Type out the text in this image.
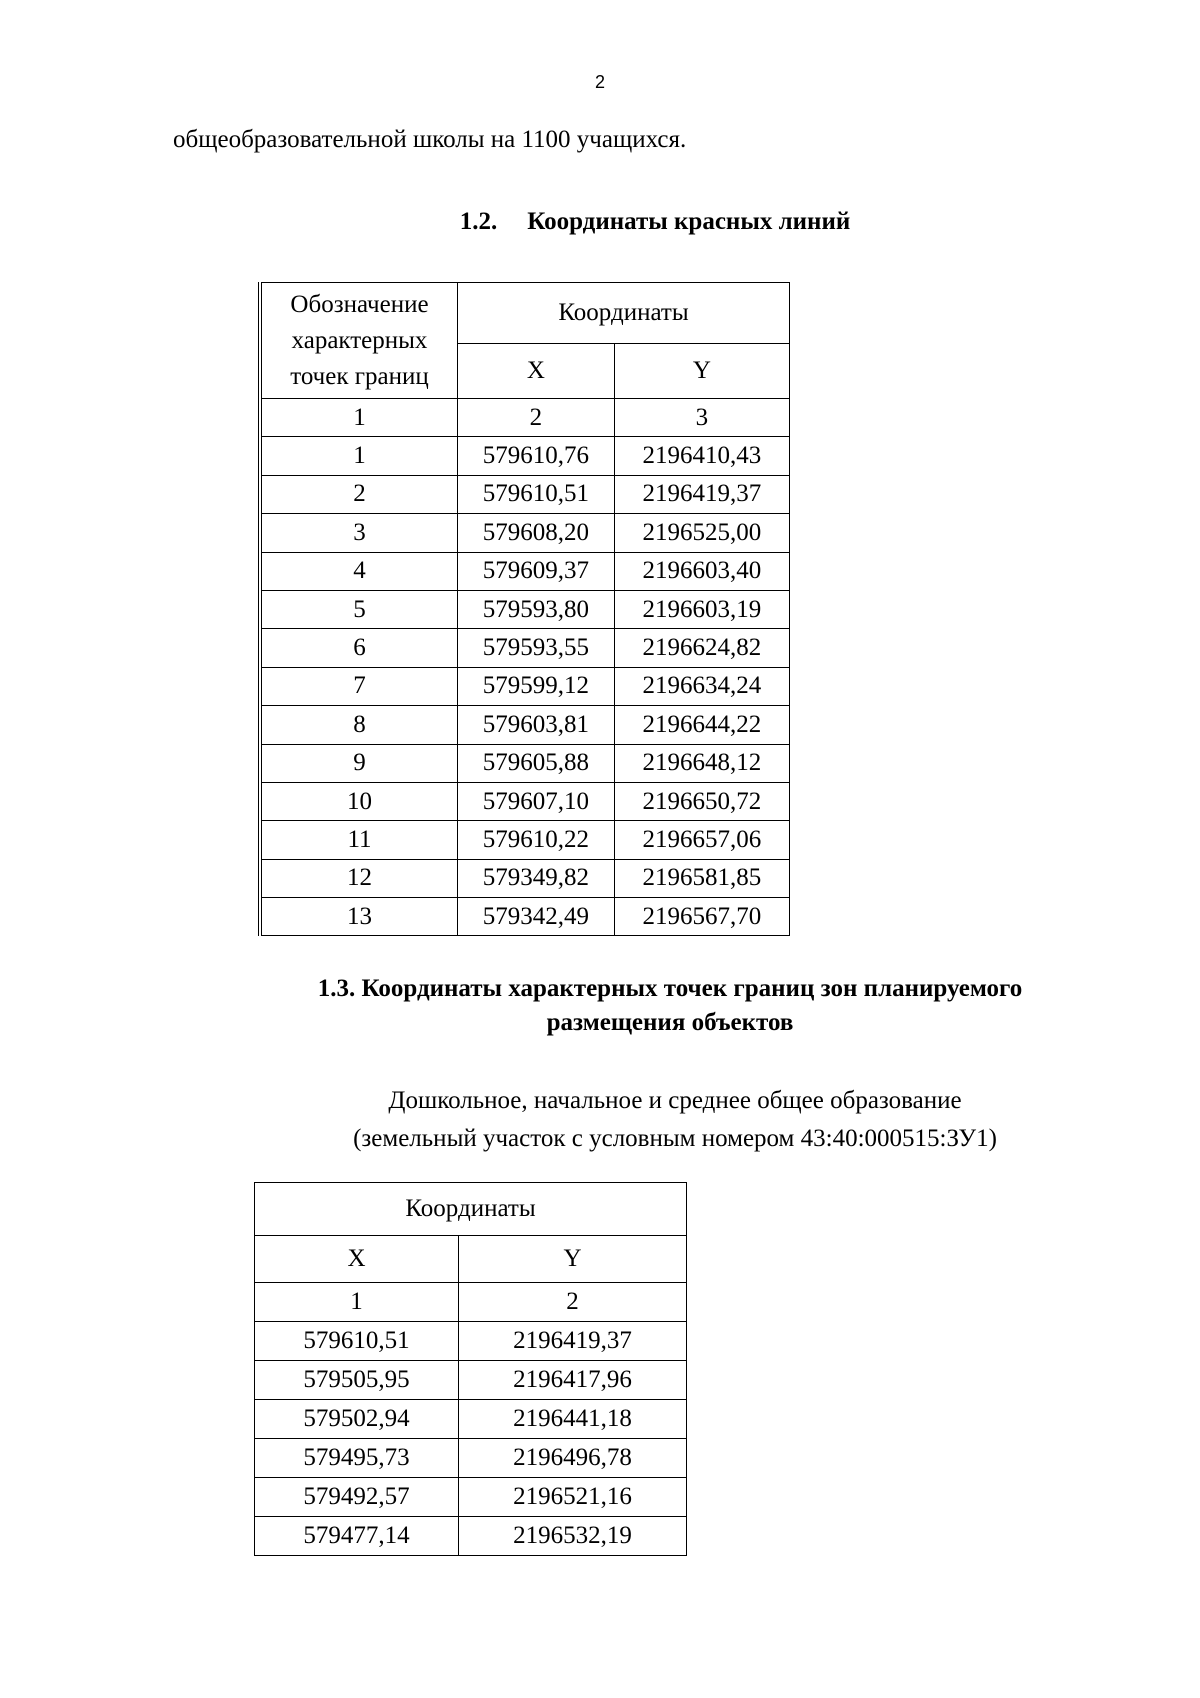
2
общеобразовательной школы на 1100 учащихся.
1.2. Координаты красных линий
Обозначение характерных точек границ	Координаты	
	X	Y
1	2	3
1	579610,76	2196410,43
2	579610,51	2196419,37
3	579608,20	2196525,00
4	579609,37	2196603,40
5	579593,80	2196603,19
6	579593,55	2196624,82
7	579599,12	2196634,24
8	579603,81	2196644,22
9	579605,88	2196648,12
10	579607,10	2196650,72
11	579610,22	2196657,06
12	579349,82	2196581,85
13	579342,49	2196567,70
1.3. Координаты характерных точек границ зон планируемого
размещения объектов
Дошкольное, начальное и среднее общее образование
(земельный участок с условным номером 43:40:000515:ЗУ1)
Координаты	
X	Y
1	2
579610,51	2196419,37
579505,95	2196417,96
579502,94	2196441,18
579495,73	2196496,78
579492,57	2196521,16
579477,14	2196532,19
